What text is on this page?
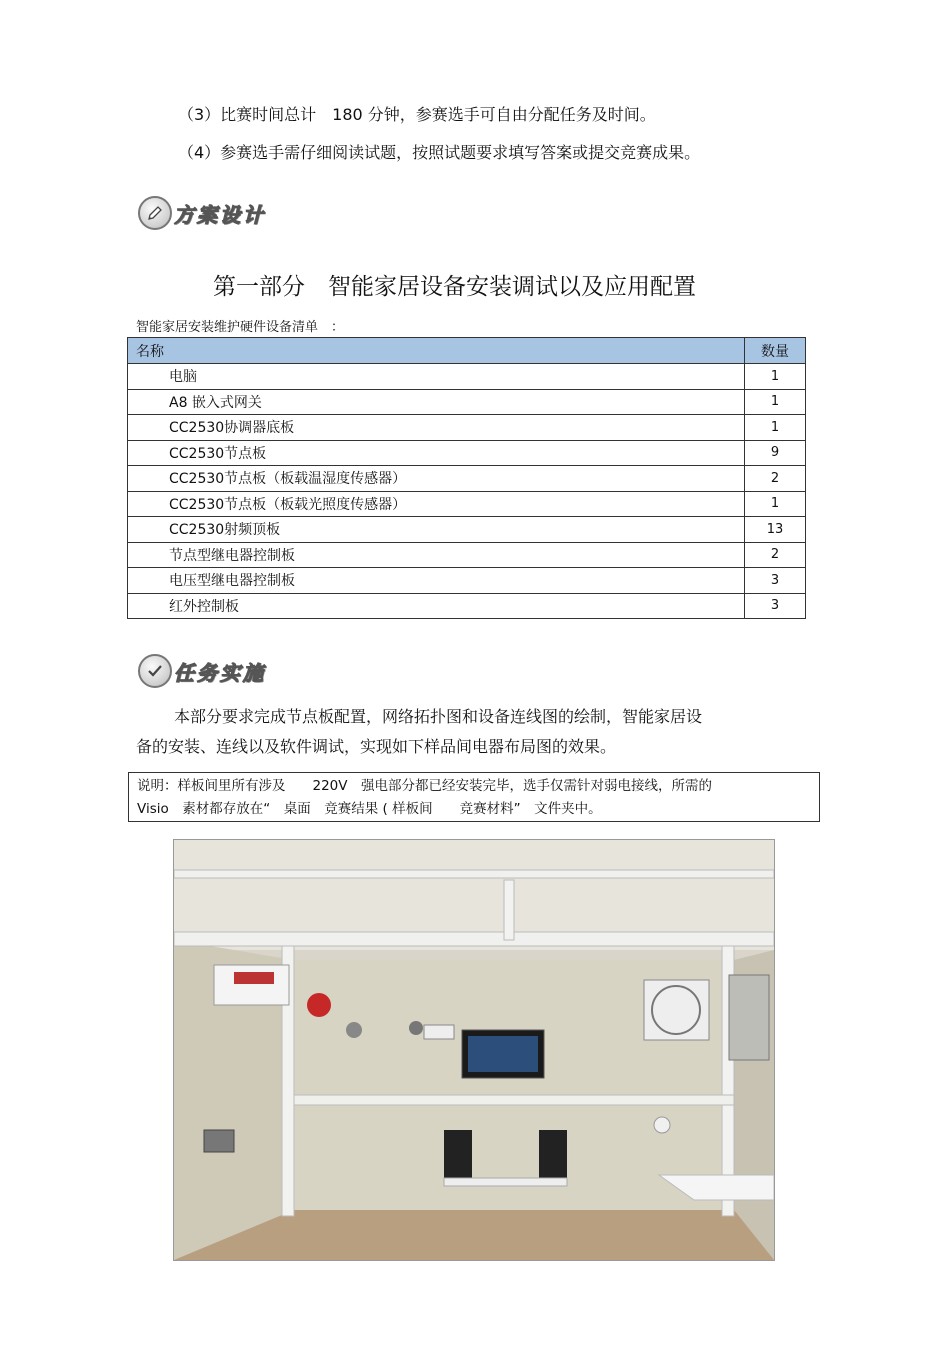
（3）比赛时间总计　180 分钟，参赛选手可自由分配任务及时间。
（4）参赛选手需仔细阅读试题，按照试题要求填写答案或提交竞赛成果。
方案设计
第一部分　智能家居设备安装调试以及应用配置
智能家居安装维护硬件设备清单　：
名称	数量
电脑	1
A8 嵌入式网关	1
CC2530协调器底板	1
CC2530节点板	9
CC2530节点板（板载温湿度传感器）	2
CC2530节点板（板载光照度传感器）	1
CC2530射频顶板	13
节点型继电器控制板	2
电压型继电器控制板	3
红外控制板	3
任务实施
本部分要求完成节点板配置，网络拓扑图和设备连线图的绘制，智能家居设
备的安装、连线以及软件调试，实现如下样品间电器布局图的效果。
说明：样板间里所有涉及　　220V　强电部分都已经安装完毕，选手仅需针对弱电接线，所需的
Visio　素材都存放在“　桌面　竞赛结果 ( 样板间　　竞赛材料”　文件夹中。
